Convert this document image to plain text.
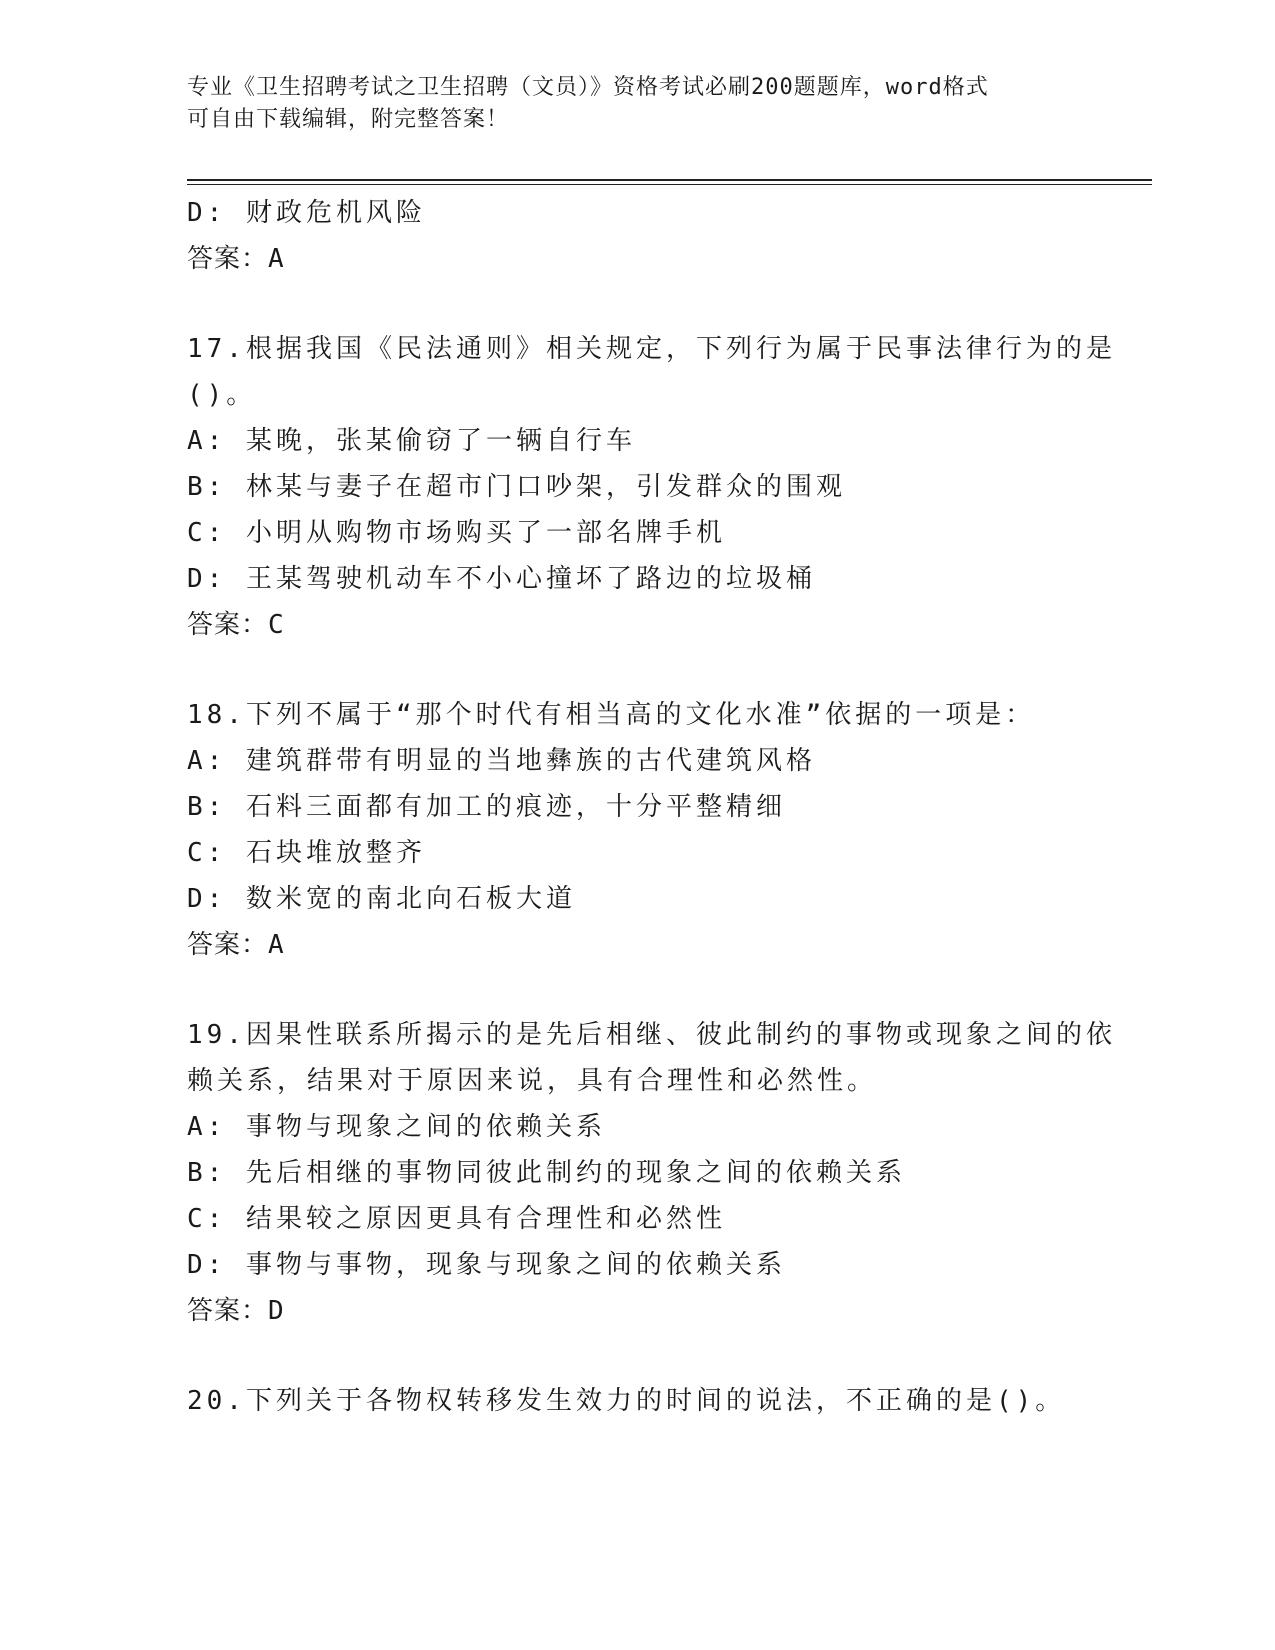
专业《卫生招聘考试之卫生招聘（文员）》资格考试必刷200题题库，word格式
可自由下载编辑，附完整答案！
D: 财政危机风险
答案：A
17.根据我国《民法通则》相关规定，下列行为属于民事法律行为的是
()。
A: 某晚，张某偷窃了一辆自行车
B: 林某与妻子在超市门口吵架，引发群众的围观
C: 小明从购物市场购买了一部名牌手机
D: 王某驾驶机动车不小心撞坏了路边的垃圾桶
答案：C
18.下列不属于“那个时代有相当高的文化水准”依据的一项是：
A: 建筑群带有明显的当地彝族的古代建筑风格
B: 石料三面都有加工的痕迹，十分平整精细
C: 石块堆放整齐
D: 数米宽的南北向石板大道
答案：A
19.因果性联系所揭示的是先后相继、彼此制约的事物或现象之间的依
赖关系，结果对于原因来说，具有合理性和必然性。
A: 事物与现象之间的依赖关系
B: 先后相继的事物同彼此制约的现象之间的依赖关系
C: 结果较之原因更具有合理性和必然性
D: 事物与事物，现象与现象之间的依赖关系
答案：D
20.下列关于各物权转移发生效力的时间的说法，不正确的是()。
